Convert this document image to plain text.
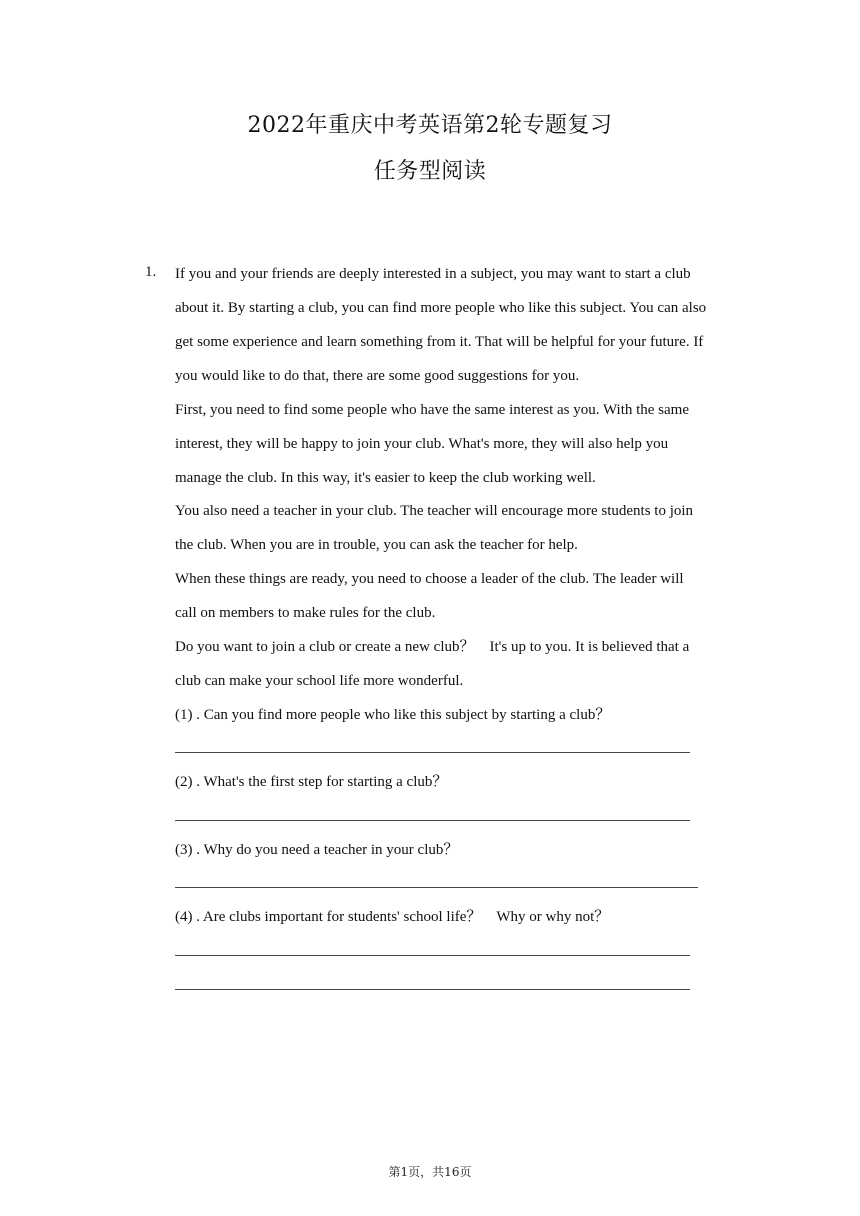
2022年重庆中考英语第2轮专题复习
任务型阅读
1. If you and your friends are deeply interested in a subject, you may want to start a club
about it. By starting a club, you can find more people who like this subject. You can also
get some experience and learn something from it. That will be helpful for your future. If
you would like to do that, there are some good suggestions for you.
First, you need to find some people who have the same interest as you. With the same
interest, they will be happy to join your club. What's more, they will also help you
manage the club. In this way, it's easier to keep the club working well.
You also need a teacher in your club. The teacher will encourage more students to join
the club. When you are in trouble, you can ask the teacher for help.
When these things are ready, you need to choose a leader of the club. The leader will
call on members to make rules for the club.
Do you want to join a club or create a new club？　It's up to you. It is believed that a
club can make your school life more wonderful.
(1) . Can you find more people who like this subject by starting a club？
(2) . What's the first step for starting a club？
(3) . Why do you need a teacher in your club？
(4) . Are clubs important for students' school life？　Why or why not？
第1页，共16页
